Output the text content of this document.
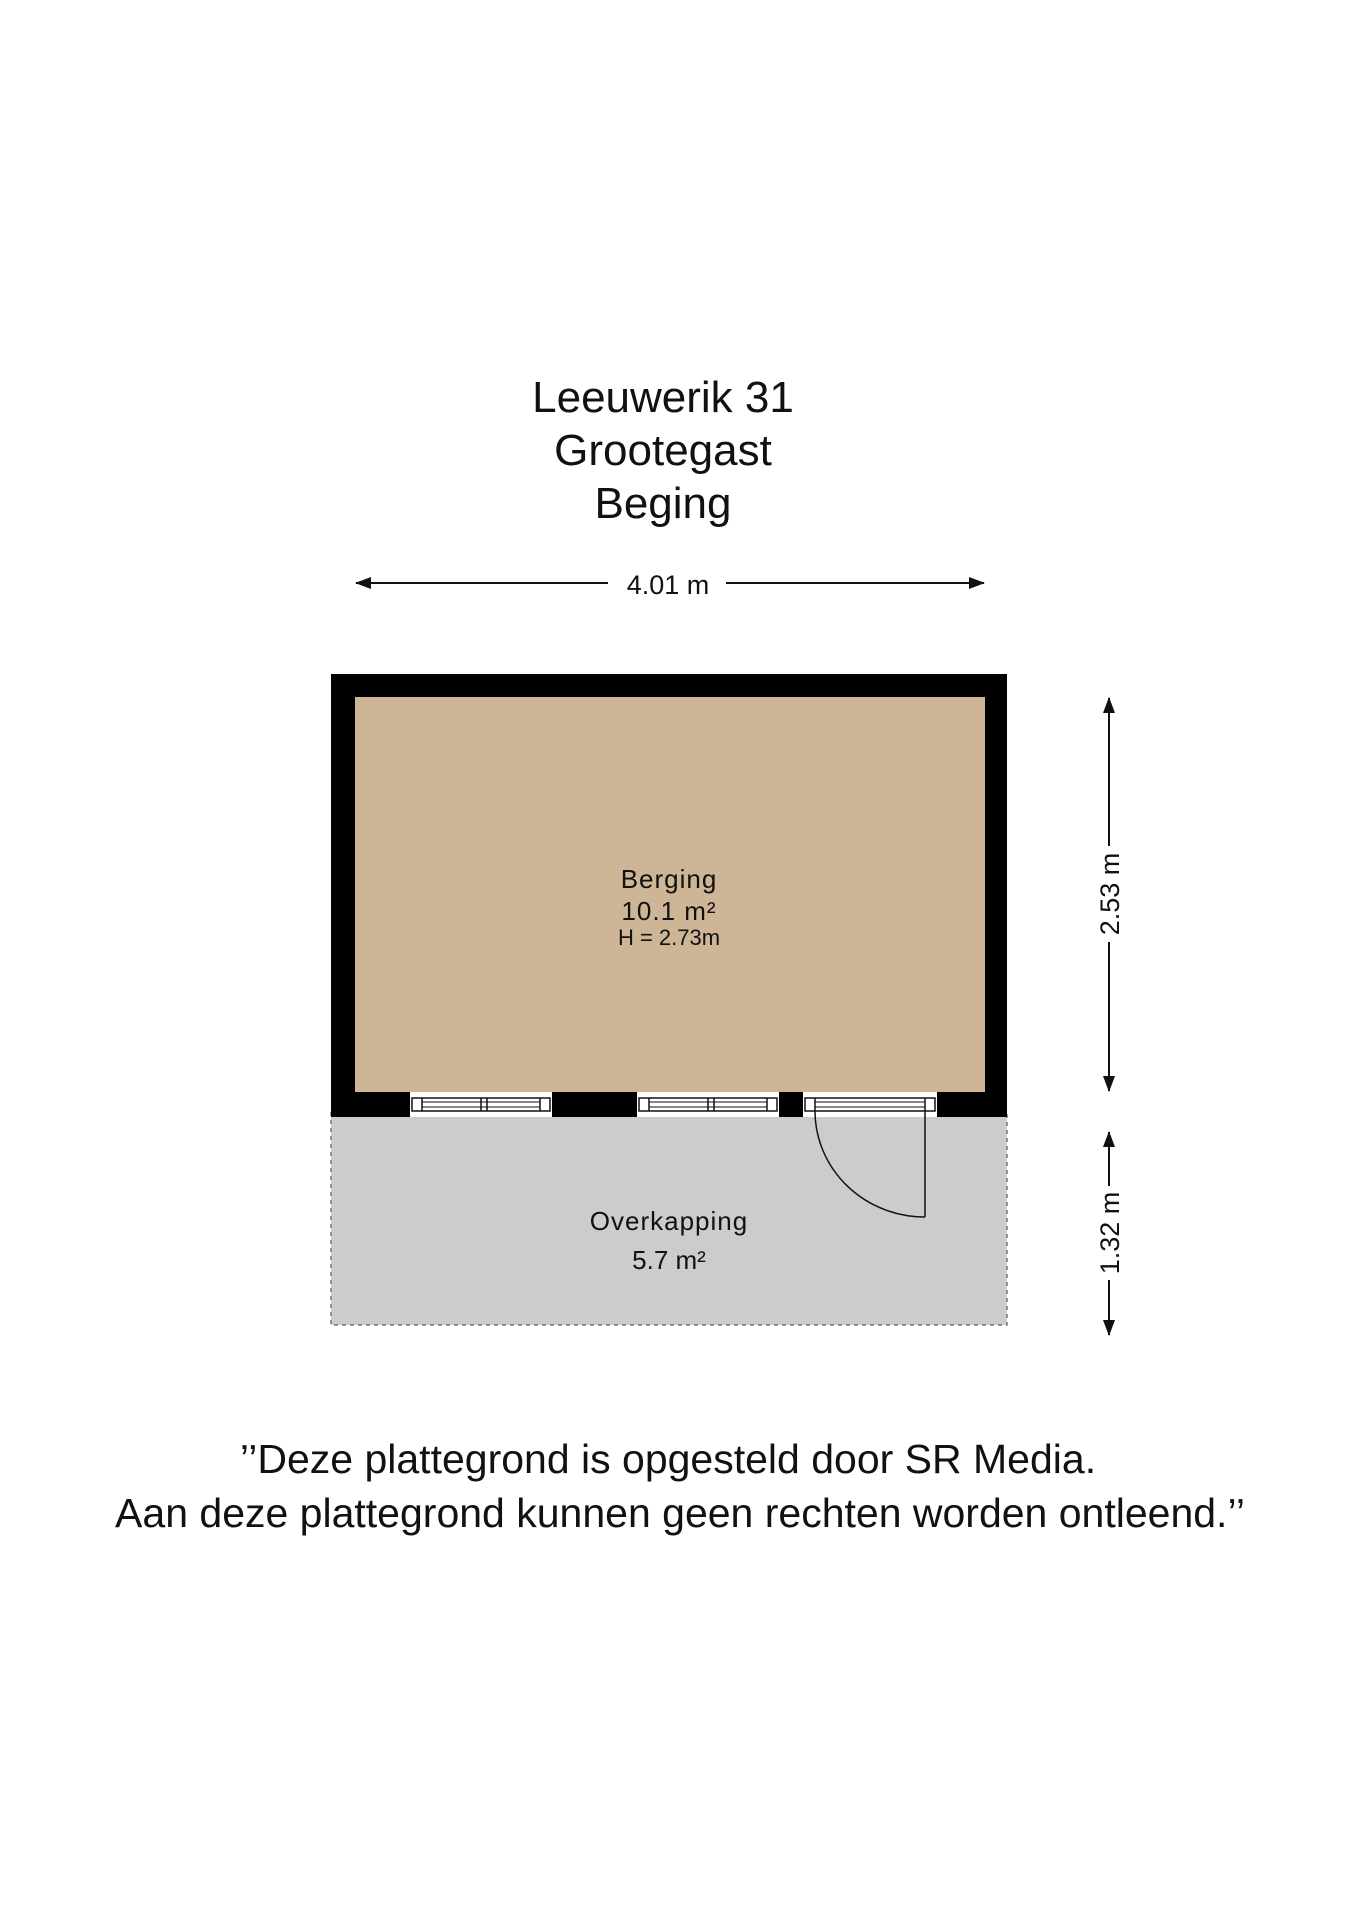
Leeuwerik 31
Grootegast
Beging
4.01 m
Berging
10.1 m²
H = 2.73m
Overkapping
5.7 m²
2.53 m
1.32 m
’’Deze plattegrond is opgesteld door SR Media.
Aan deze plattegrond kunnen geen rechten worden ontleend.’’
